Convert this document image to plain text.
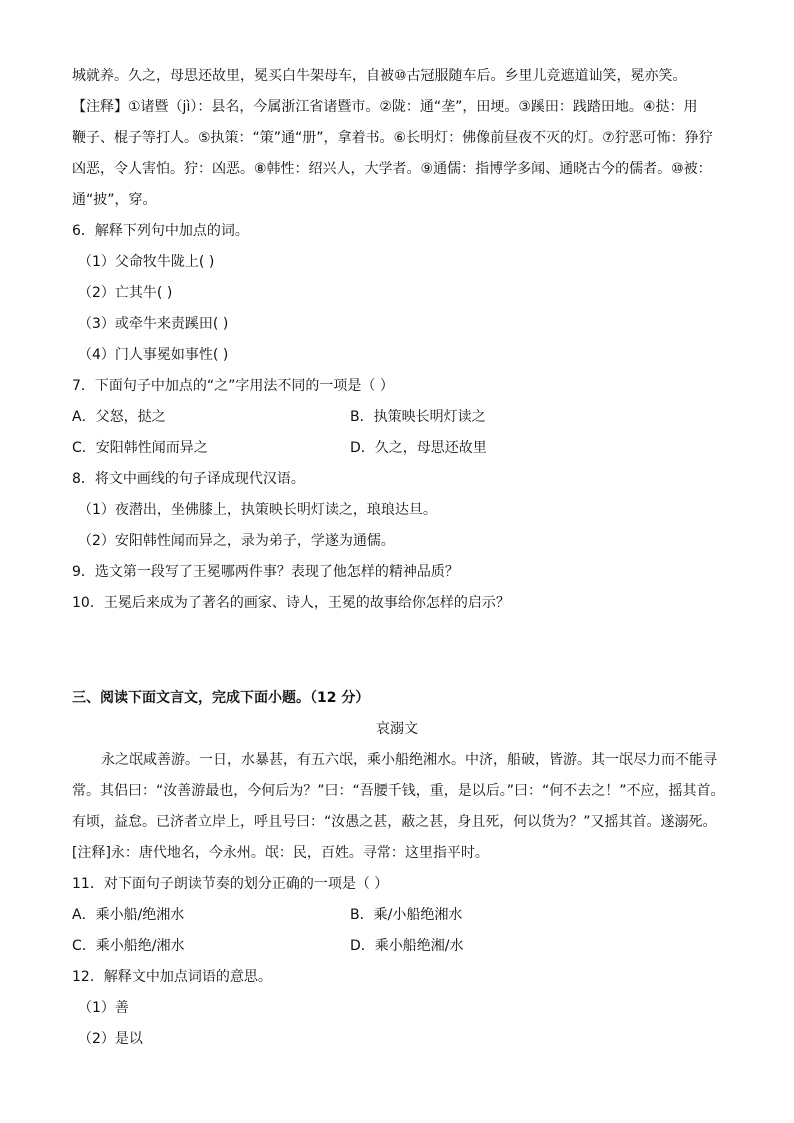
城就养。久之，母思还故里，冕买白牛架母车，自被⑩古冠服随车后。乡里儿竞遮道讪笑，冕亦笑。
【注释】①诸暨（jì）：县名，今属浙江省诸暨市。②陇：通“垄”，田埂。③蹊田：践踏田地。④挞：用
鞭子、棍子等打人。⑤执策：“策”通“册”，拿着书。⑥长明灯：佛像前昼夜不灭的灯。⑦狞恶可怖：狰狞
凶恶，令人害怕。狞：凶恶。⑧韩性：绍兴人，大学者。⑨通儒：指博学多闻、通晓古今的儒者。⑩被：
通“披”，穿。
6．解释下列句中加点的词。
（1）父命牧牛陇上( )
（2）亡其牛( )
（3）或牵牛来责蹊田( )
（4）门人事冕如事性( )
7．下面句子中加点的“之”字用法不同的一项是（ ）
A．父怒，挞之	B．执策映长明灯读之
C．安阳韩性闻而异之	D．久之，母思还故里
8．将文中画线的句子译成现代汉语。
（1）夜潜出，坐佛膝上，执策映长明灯读之，琅琅达旦。
（2）安阳韩性闻而异之，录为弟子，学遂为通儒。
9．选文第一段写了王冕哪两件事？表现了他怎样的精神品质？
10．王冕后来成为了著名的画家、诗人，王冕的故事给你怎样的启示？
三、阅读下面文言文，完成下面小题。（12 分）
哀溺文
永之氓咸善游。一日，水暴甚，有五六氓，乘小船绝湘水。中济，船破，皆游。其一氓尽力而不能寻
常。其侣曰：“汝善游最也，今何后为？”曰：“吾腰千钱，重，是以后。”曰：“何不去之！”不应，摇其首。
有顷，益怠。已济者立岸上，呼且号曰：“汝愚之甚，蔽之甚，身且死，何以货为？”又摇其首。遂溺死。
[注释]永：唐代地名，今永州。氓：民，百姓。寻常：这里指平时。
11．对下面句子朗读节奏的划分正确的一项是（ ）
A．乘小船/绝湘水	B．乘/小船绝湘水
C．乘小船绝/湘水	D．乘小船绝湘/水
12．解释文中加点词语的意思。
（1）善
（2）是以
